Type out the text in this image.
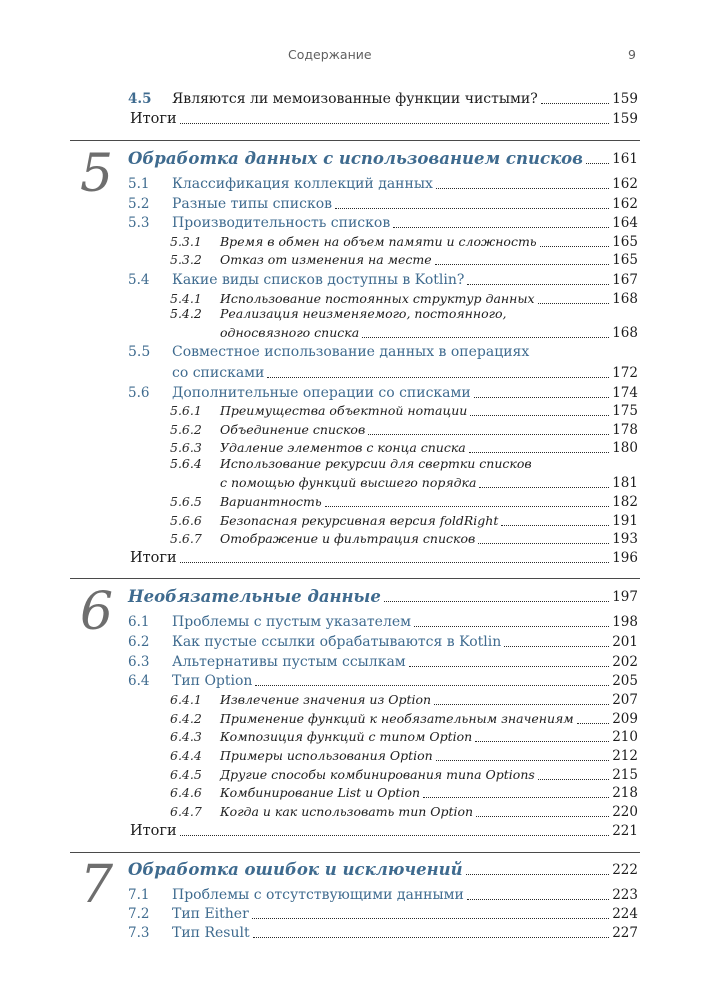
Содержание	9
4.5 Являются ли мемоизованные функции чистыми?	159
Итоги	159
5 Обработка данных с использованием списков 161
5.1 Классификация коллекций данных	162
5.2 Разные типы списков	162
5.3 Производительность списков	164
5.3.1 Время в обмен на объем памяти и сложность	165
5.3.2 Отказ от изменения на месте	165
5.4 Какие виды списков доступны в Kotlin?	167
5.4.1 Использование постоянных структур данных	168
5.4.2 Реализация неизменяемого, постоянного,
односвязного списка	168
5.5 Совместное использование данных в операциях
со списками	172
5.6 Дополнительные операции со списками	174
5.6.1 Преимущества объектной нотации	175
5.6.2 Объединение списков	178
5.6.3 Удаление элементов с конца списка	180
5.6.4 Использование рекурсии для свертки списков
с помощью функций высшего порядка	181
5.6.5 Вариантность	182
5.6.6 Безопасная рекурсивная версия foldRight	191
5.6.7 Отображение и фильтрация списков	193
Итоги	196
6 Необязательные данные	197
6.1 Проблемы с пустым указателем	198
6.2 Как пустые ссылки обрабатываются в Kotlin	201
6.3 Альтернативы пустым ссылкам	202
6.4 Тип Option	205
6.4.1 Извлечение значения из Option	207
6.4.2 Применение функций к необязательным значениям	209
6.4.3 Композиция функций с типом Option	210
6.4.4 Примеры использования Option	212
6.4.5 Другие способы комбинирования типа Options	215
6.4.6 Комбинирование List и Option	218
6.4.7 Когда и как использовать тип Option	220
Итоги	221
7 Обработка ошибок и исключений	222
7.1 Проблемы с отсутствующими данными	223
7.2 Тип Either	224
7.3 Тип Result	227
